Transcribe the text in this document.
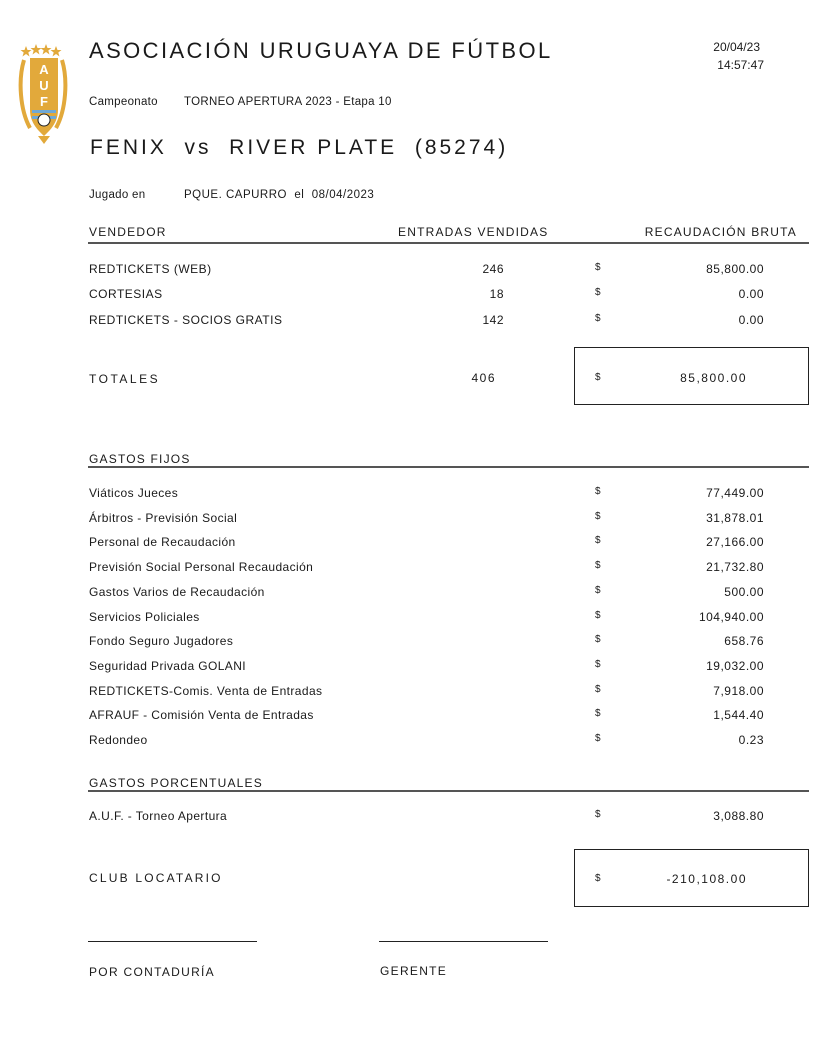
A
U
F
ASOCIACIÓN URUGUAYA DE FÚTBOL	20/04/23
14:57:47
Campeonato TORNEO APERTURA 2023 - Etapa 10
FENIX  vs  RIVER PLATE  (85274)
Jugado en	PQUE. CAPURRO  el  08/04/2023
VENDEDOR	ENTRADAS VENDIDAS	RECAUDACIÓN BRUTA
REDTICKETS (WEB)	246	$	85,800.00
CORTESIAS	18	$	0.00
REDTICKETS - SOCIOS GRATIS	142	$	0.00
TOTALES	406	$	85,800.00
GASTOS FIJOS
Viáticos Jueces	$	77,449.00
Árbitros - Previsión Social	$	31,878.01
Personal de Recaudación	$	27,166.00
Previsión Social Personal Recaudación	$	21,732.80
Gastos Varios de Recaudación	$	500.00
Servicios Policiales	$	104,940.00
Fondo Seguro Jugadores	$	658.76
Seguridad Privada GOLANI	$	19,032.00
REDTICKETS-Comis. Venta de Entradas	$	7,918.00
AFRAUF - Comisión Venta de Entradas	$	1,544.40
Redondeo	$	0.23
GASTOS PORCENTUALES
A.U.F. - Torneo Apertura	$	3,088.80
CLUB LOCATARIO	$	-210,108.00
POR CONTADURÍA	GERENTE
